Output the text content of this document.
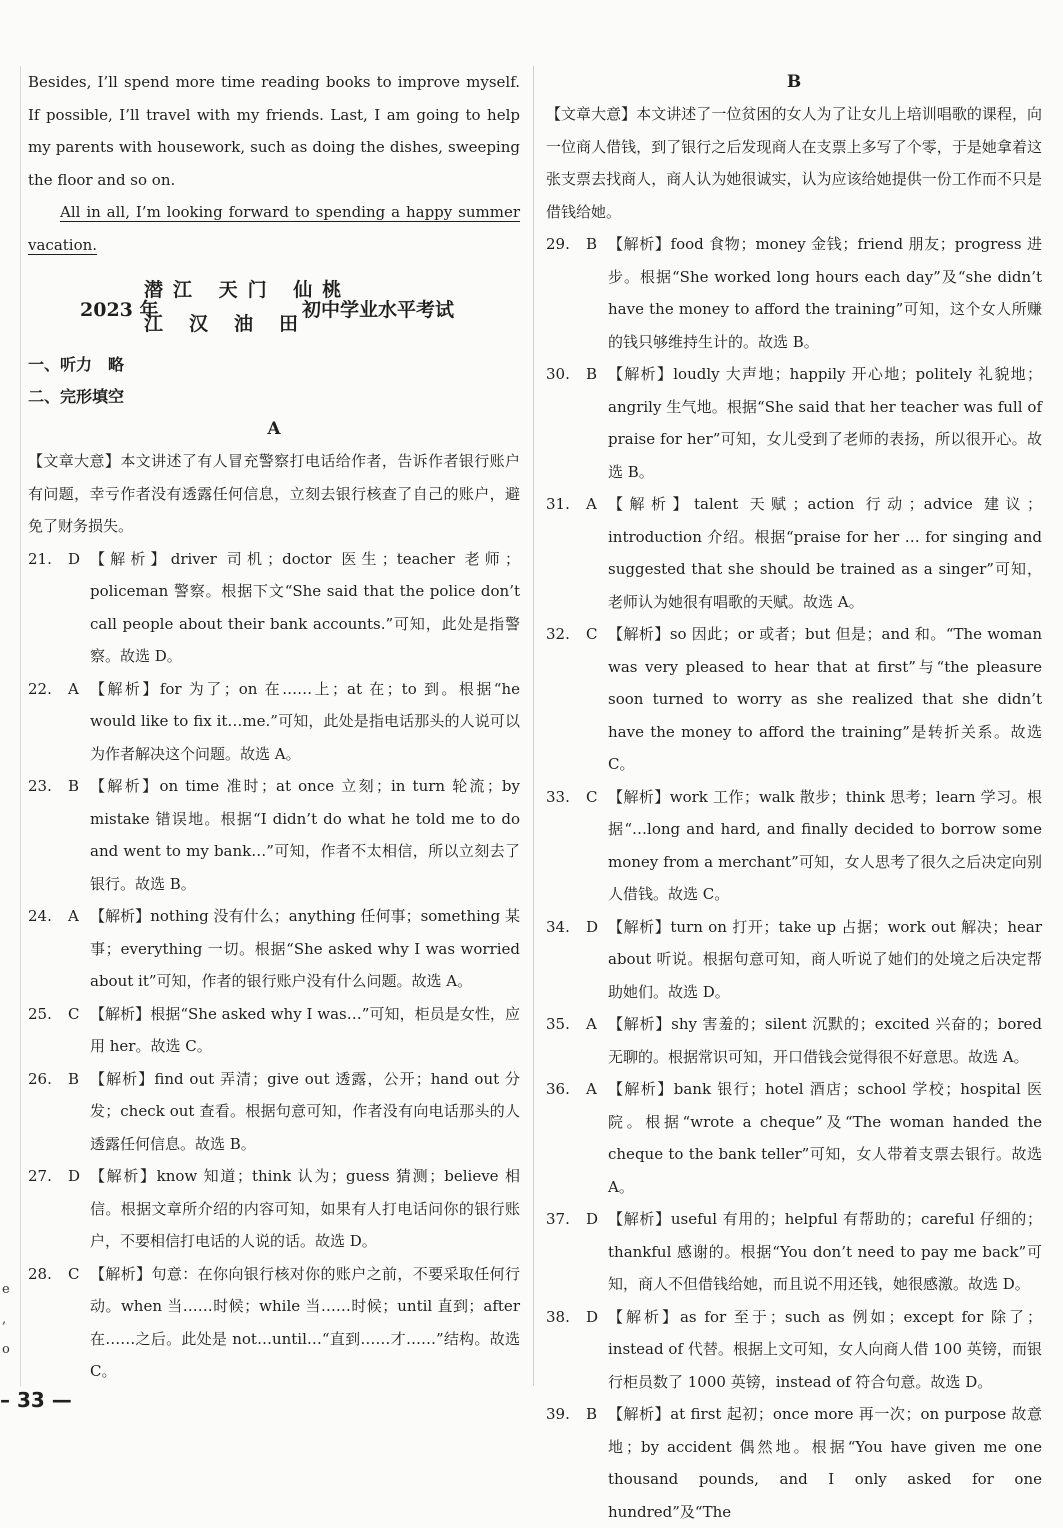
Besides, I’ll spend more time reading books to improve myself. If possible, I’ll travel with my friends. Last, I am going to help my parents with housework, such as doing the dishes, sweeping the floor and so on.

All in all, I’m looking forward to spending a happy summer vacation.

2023 年
潜江 天门 仙桃
江汉油田
初中学业水平考试

一、听力　略

二、完形填空

A

【文章大意】本文讲述了有人冒充警察打电话给作者，告诉作者银行账户有问题，幸亏作者没有透露任何信息，立刻去银行核查了自己的账户，避免了财务损失。

21.	D 【解析】driver 司机；doctor 医生；teacher 老师；policeman 警察。根据下文“She said that the police don’t call people about their bank accounts.”可知，此处是指警察。故选 D。
22.	A 【解析】for 为了；on 在……上；at 在；to 到。根据“he would like to fix it…me.”可知，此处是指电话那头的人说可以为作者解决这个问题。故选 A。
23.	B 【解析】on time 准时；at once 立刻；in turn 轮流；by mistake 错误地。根据“I didn’t do what he told me to do and went to my bank…”可知，作者不太相信，所以立刻去了银行。故选 B。
24.	A 【解析】nothing 没有什么；anything 任何事；something 某事；everything 一切。根据“She asked why I was worried about it”可知，作者的银行账户没有什么问题。故选 A。
25.	C 【解析】根据“She asked why I was…”可知，柜员是女性，应用 her。故选 C。
26.	B 【解析】find out 弄清；give out 透露，公开；hand out 分发；check out 查看。根据句意可知，作者没有向电话那头的人透露任何信息。故选 B。
27.	D 【解析】know 知道；think 认为；guess 猜测；believe 相信。根据文章所介绍的内容可知，如果有人打电话问你的银行账户，不要相信打电话的人说的话。故选 D。
28.	C 【解析】句意：在你向银行核对你的账户之前，不要采取任何行动。when 当……时候；while 当……时候；until 直到；after 在……之后。此处是 not…until…“直到……才……”结构。故选 C。

B

【文章大意】本文讲述了一位贫困的女人为了让女儿上培训唱歌的课程，向一位商人借钱，到了银行之后发现商人在支票上多写了个零，于是她拿着这张支票去找商人，商人认为她很诚实，认为应该给她提供一份工作而不只是借钱给她。

29.	B 【解析】food 食物；money 金钱；friend 朋友；progress 进步。根据“She worked long hours each day”及“she didn’t have the money to afford the training”可知，这个女人所赚的钱只够维持生计的。故选 B。
30.	B 【解析】loudly 大声地；happily 开心地；politely 礼貌地；angrily 生气地。根据“She said that her teacher was full of praise for her”可知，女儿受到了老师的表扬，所以很开心。故选 B。
31.	A 【解析】talent 天赋；action 行动；advice 建议；introduction 介绍。根据“praise for her … for singing and suggested that she should be trained as a singer”可知，老师认为她很有唱歌的天赋。故选 A。
32.	C 【解析】so 因此；or 或者；but 但是；and 和。“The woman was very pleased to hear that at first”与“the pleasure soon turned to worry as she realized that she didn’t have the money to afford the training”是转折关系。故选 C。
33.	C 【解析】work 工作；walk 散步；think 思考；learn 学习。根据“…long and hard, and finally decided to borrow some money from a merchant”可知，女人思考了很久之后决定向别人借钱。故选 C。
34.	D 【解析】turn on 打开；take up 占据；work out 解决；hear about 听说。根据句意可知，商人听说了她们的处境之后决定帮助她们。故选 D。
35.	A 【解析】shy 害羞的；silent 沉默的；excited 兴奋的；bored 无聊的。根据常识可知，开口借钱会觉得很不好意思。故选 A。
36.	A 【解析】bank 银行；hotel 酒店；school 学校；hospital 医院。根据“wrote a cheque”及“The woman handed the cheque to the bank teller”可知，女人带着支票去银行。故选 A。
37.	D 【解析】useful 有用的；helpful 有帮助的；careful 仔细的；thankful 感谢的。根据“You don’t need to pay me back”可知，商人不但借钱给她，而且说不用还钱，她很感激。故选 D。
38.	D 【解析】as for 至于；such as 例如；except for 除了；instead of 代替。根据上文可知，女人向商人借 100 英镑，而银行柜员数了 1000 英镑，instead of 符合句意。故选 D。
39.	B 【解析】at first 起初；once more 再一次；on purpose 故意地；by accident 偶然地。根据“You have given me one thousand pounds, and I only asked for one hundred”及“The
e
,
o
– 33 —
